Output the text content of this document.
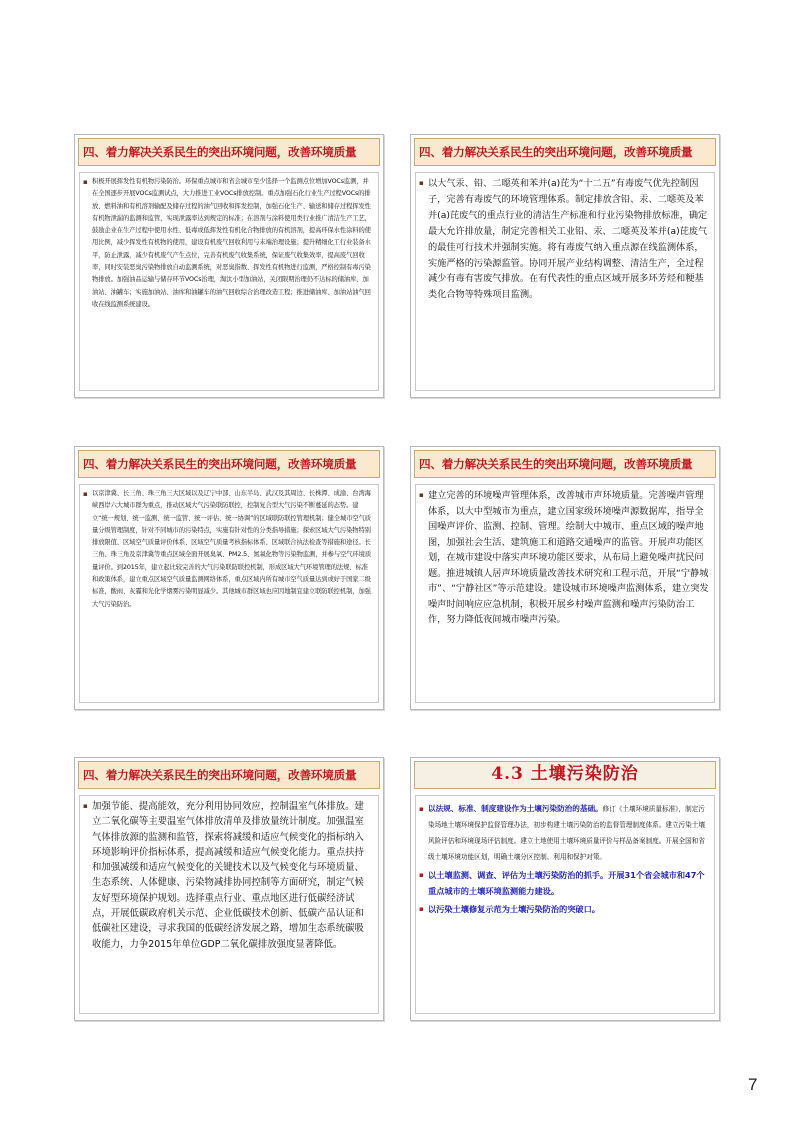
四、着力解决关系民生的突出环境问题，改善环境质量

▪ 积极开展挥发性有机物污染防治。环保重点城市和省会城市至少选择一个监测点位增加VOCs监测，并在全国逐步开展VOCs监测试点，大力推进工业VOCs排放控制。重点加强石化行业生产过程VOCs的排放、燃料油和有机溶剂输配及储存过程的油气回收和挥发控制，加强石化生产、输送和储存过程挥发性有机物泄漏的监测和监管，实现泄露率达到规定的标准；在溶剂与涂料使用类行业推广清洁生产工艺，鼓励企业在生产过程中使用水性、低毒或低挥发性有机化合物排放的有机溶剂，提高环保水性涂料的使用比例，减少挥发性有机物的使用，建设有机废气回收利用与末端治理设施；提升精细化工行业装备水平，防止泄露，减少有机废气产生点位，完善有机废气收集系统，保证废气收集效率，提高废气回收率，同时安装恶臭污染物排放自动监测系统，对恶臭指数、挥发性有机物进行监测，严格控制有毒污染物排放。加强油品运输与储存环节VOCs治理，淘汰小型加油站，关闭限期治理仍不达标的储油库、加油站、油罐车；实施加油站、油库和油罐车的油气回收综合治理改造工程；推进储油库、加油站油气回收在线监测系统建设。

四、着力解决关系民生的突出环境问题，改善环境质量

▪ 以大气汞、铅、二噁英和苯并(a)芘为“十二五”有毒废气优先控制因子，完善有毒废气的环境管理体系。制定排放含铅、汞、二噁英及苯并(a)芘废气的重点行业的清洁生产标准和行业污染物排放标准，确定最大允许排放量，制定完善相关工业铅、汞、二噁英及苯并(a)芘废气的最佳可行技术并强制实施。将有毒废气纳入重点源在线监测体系，实施严格的污染源监管。协同开展产业结构调整、清洁生产，全过程减少有毒有害废气排放。在有代表性的重点区域开展多环芳烃和粳基类化合物等特殊项目监测。

四、着力解决关系民生的突出环境问题，改善环境质量

▪ 以京津冀、长三角、珠三角三大区域以及辽宁中部、山东半岛、武汉及其周边、长株潭、成渝、台湾海峡西岸六大城市群为重点，推动区域大气污染联防联控，控制复合型大气污染不断蔓延的态势。建立“统一规划、统一监测、统一监管、统一评估、统一协调”的区域联防联控管理机制；健全城市空气质量分级管理制度，针对不同城市的污染特点，实施有针对性的分类指导措施；探索区域大气污染物特别排放限值、区域空气质量评价体系、区域空气质量考核指标体系、区域联合执法检查等措施和途径。长三角、珠三角及京津冀等重点区域全面开展臭氧、PM2.5、氮氧化物等污染物监测，并参与空气环境质量评价。到2015年，建立起比较完善的大气污染联防联控机制，形成区域大气环境管理的法规、标准和政策体系，建立重点区域空气质量监测网络体系，重点区域内所有城市空气质量达到或好于国家二级标准，酸雨、灰霾和光化学烟雾污染明显减少。其他城市群区域也应因地制宜建立联防联控机制，加强大气污染防治。

四、着力解决关系民生的突出环境问题，改善环境质量

▪ 建立完善的环境噪声管理体系，改善城市声环境质量。完善噪声管理体系，以大中型城市为重点，建立国家级环境噪声源数据库，指导全国噪声评价、监测、控制、管理。绘制大中城市、重点区域的噪声地图，加强社会生活、建筑施工和道路交通噪声的监管。开展声功能区划，在城市建设中落实声环境功能区要求，从布局上避免噪声扰民问题。推进城镇人居声环境质量改善技术研究和工程示范，开展“宁静城市”、“宁静社区”等示范建设。建设城市环境噪声监测体系，建立突发噪声时间响应应急机制，积极开展乡村噪声监测和噪声污染防治工作，努力降低夜间城市噪声污染。

四、着力解决关系民生的突出环境问题，改善环境质量

▪ 加强节能、提高能效，充分利用协同效应，控制温室气体排放。建立二氧化碳等主要温室气体排放清单及排放量统计制度。加强温室气体排放源的监测和监管，探索将减缓和适应气候变化的指标纳入环境影响评价指标体系，提高减缓和适应气候变化能力。重点扶持和加强减缓和适应气候变化的关键技术以及气候变化与环境质量、生态系统、人体健康、污染物减排协同控制等方面研究，制定气候友好型环境保护规划。选择重点行业、重点地区进行低碳经济试点，开展低碳政府机关示范、企业低碳技术创新、低碳产品认证和低碳社区建设，寻求我国的低碳经济发展之路，增加生态系统碳吸收能力，力争2015年单位GDP二氧化碳排放强度显著降低。

4.3 土壤污染防治

▪ 以法规、标准、制度建设作为土壤污染防治的基础。修订《土壤环境质量标准》，制定污染场地土壤环境保护监督管理办法，初步构建土壤污染防治的监督管理制度体系。建立污染土壤风险评估和环境现场评估制度。建立土地使用土壤环境质量评价与样品备案制度。开展全国和省级土壤环境功能区划，明确土壤分区控制、利用和保护对策。

▪ 以土壤监测、调查、评估为土壤污染防治的抓手。开展31个省会城市和47个重点城市的土壤环境监测能力建设。

▪ 以污染土壤修复示范为土壤污染防治的突破口。

7
